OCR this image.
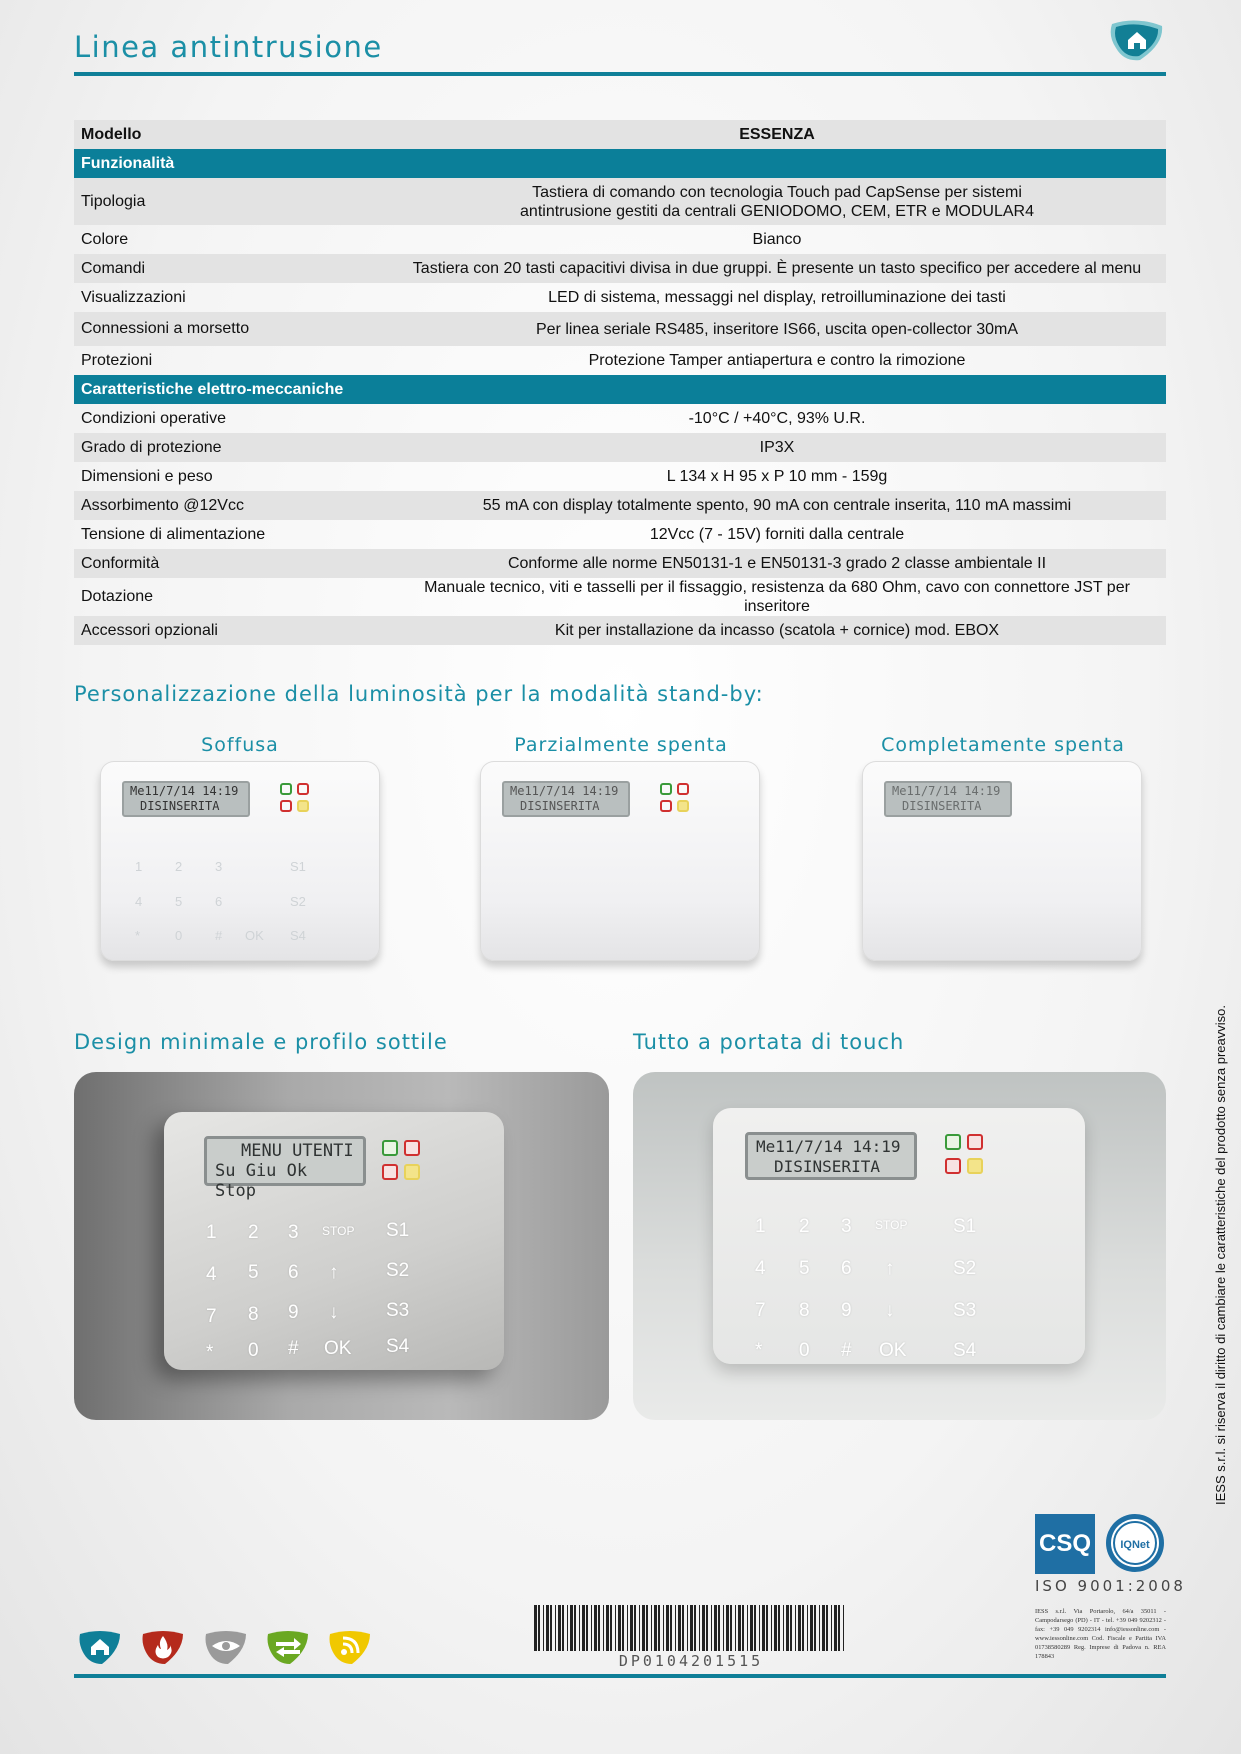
Linea antintrusione
Modello	ESSENZA
Funzionalità	
Tipologia	Tastiera di comando con tecnologia Touch pad CapSense per sistemi
antintrusione gestiti da centrali GENIODOMO, CEM, ETR e MODULAR4
Colore	Bianco
Comandi	Tastiera con 20 tasti capacitivi divisa in due gruppi. È presente un tasto specifico per accedere al menu
Visualizzazioni	LED di sistema, messaggi nel display, retroilluminazione dei tasti
Connessioni a morsetto	Per linea seriale RS485, inseritore IS66, uscita open-collector 30mA
Protezioni	Protezione Tamper antiapertura e contro la rimozione
Caratteristiche elettro-meccaniche	
Condizioni operative	-10°C / +40°C, 93% U.R.
Grado di protezione	IP3X
Dimensioni e peso	L 134 x H 95 x P 10 mm - 159g
Assorbimento @12Vcc	55 mA con display totalmente spento, 90 mA con centrale inserita, 110 mA massimi
Tensione di alimentazione	12Vcc (7 - 15V) forniti dalla centrale
Conformità	Conforme alle norme EN50131-1 e EN50131-3 grado 2 classe ambientale II
Dotazione	Manuale tecnico, viti e tasselli per il fissaggio, resistenza da 680 Ohm, cavo con connettore JST per inseritore
Accessori opzionali	Kit per installazione da incasso (scatola + cornice) mod. EBOX
Personalizzazione della luminosità per la modalità stand-by:
Soffusa	Parzialmente spenta	Completamente spenta
Me11/7/14 14:19
DISINSERITA
1	2	3	S1
4	5	6	S2
*	0	# OK S4
Me11/7/14 14:19
DISINSERITA
Me11/7/14 14:19
DISINSERITA
Design minimale e profilo sottile	Tutto a portata di touch
MENU UTENTI
Su Giu Ok Stop
1 2 3 STOP S1
4 5 6 ↑	S2
7 8 9 ↓	S3
* 0 # OK S4
Me11/7/14 14:19
DISINSERITA
1 2 3 STOP S1
4 5 6 ↑	S2
7 8 9 ↓	S3
* 0 # OK S4	IESS s.r.l. si riserva il diritto di cambiare le caratteristiche del prodotto senza preavviso.
CSQ	IQNet
ISO 9001:2008
IESS s.r.l. Via Portarolo, 64/a 35011 - Campodarsego (PD) - IT - tel. +39 049 9202312 - fax: +39 049 9202314 info@iessonline.com - www.iessonline.com Cod. Fiscale e Partita IVA 01738580289 Reg. Imprese di Padova n. REA 178843
DP0104201515
